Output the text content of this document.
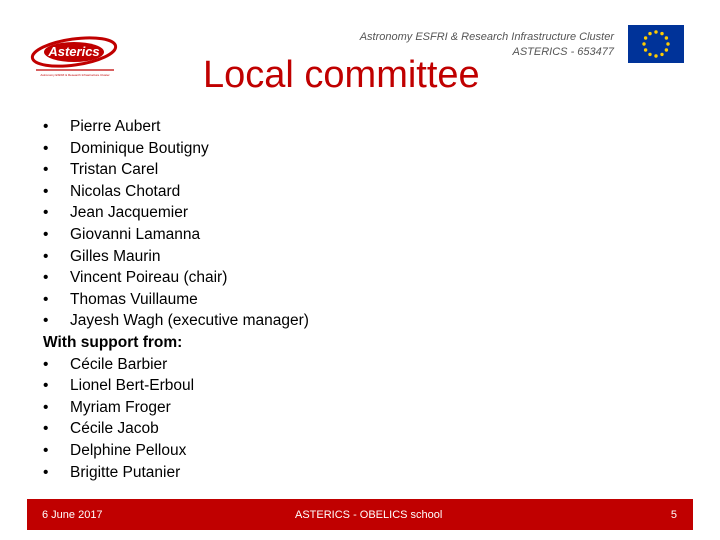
Asterics
Astronomy ESFRI & Research Infrastructure Cluster
Astronomy ESFRI & Research Infrastructure Cluster
ASTERICS - 653477
Local committee
• Pierre Aubert
• Dominique Boutigny
• Tristan Carel
• Nicolas Chotard
• Jean Jacquemier
• Giovanni Lamanna
• Gilles Maurin
• Vincent Poireau (chair)
• Thomas Vuillaume
• Jayesh Wagh (executive manager)
With support from:
• Cécile Barbier
• Lionel Bert-Erboul
• Myriam Froger
• Cécile Jacob
• Delphine Pelloux
• Brigitte Putanier
6 June 2017	ASTERICS - OBELICS school	5
